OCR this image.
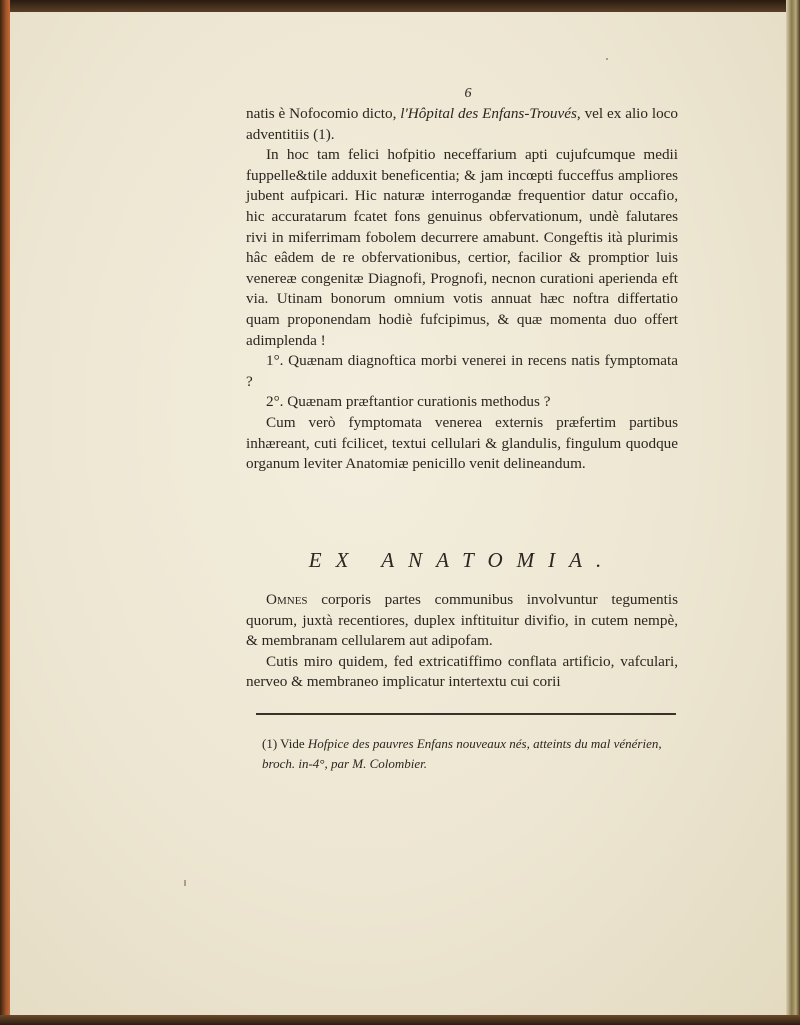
6

natis è Nofocomio dicto, l'Hôpital des Enfans-Trouvés, vel ex alio loco adventitiis (1).

In hoc tam felici hofpitio neceffarium apti cujufcumque medii fuppelle&tile adduxit beneficentia; & jam incœpti fucceffus ampliores jubent aufpicari. Hic naturæ interrogandæ frequentior datur occafio, hic accuratarum fcatet fons genuinus obfervationum, undè falutares rivi in miferrimam fobolem decurrere amabunt. Congeftis ità plurimis hâc eâdem de re obfervationibus, certior, facilior & promptior luis venereæ congenitæ Diagnofi, Prognofi, necnon curationi aperienda eft via. Utinam bonorum omnium votis annuat hæc noftra differtatio quam proponendam hodiè fufcipimus, & quæ momenta duo offert adimplenda !

1°. Quænam diagnoftica morbi venerei in recens natis fymptomata ?

2°. Quænam præftantior curationis methodus ?

Cum verò fymptomata venerea externis præfertim partibus inhæreant, cuti fcilicet, textui cellulari & glandulis, fingulum quodque organum leviter Anatomiæ penicillo venit delineandum.

EX ANATOMIA.

Omnes corporis partes communibus involvuntur tegumentis quorum, juxtà recentiores, duplex inftituitur divifio, in cutem nempè, & membranam cellularem aut adipofam.

Cutis miro quidem, fed extricatiffimo conflata artificio, vafculari, nerveo & membraneo implicatur intertextu cui corii

(1) Vide Hofpice des pauvres Enfans nouveaux nés, atteints du mal vénérien, broch. in-4°, par M. Colombier.
